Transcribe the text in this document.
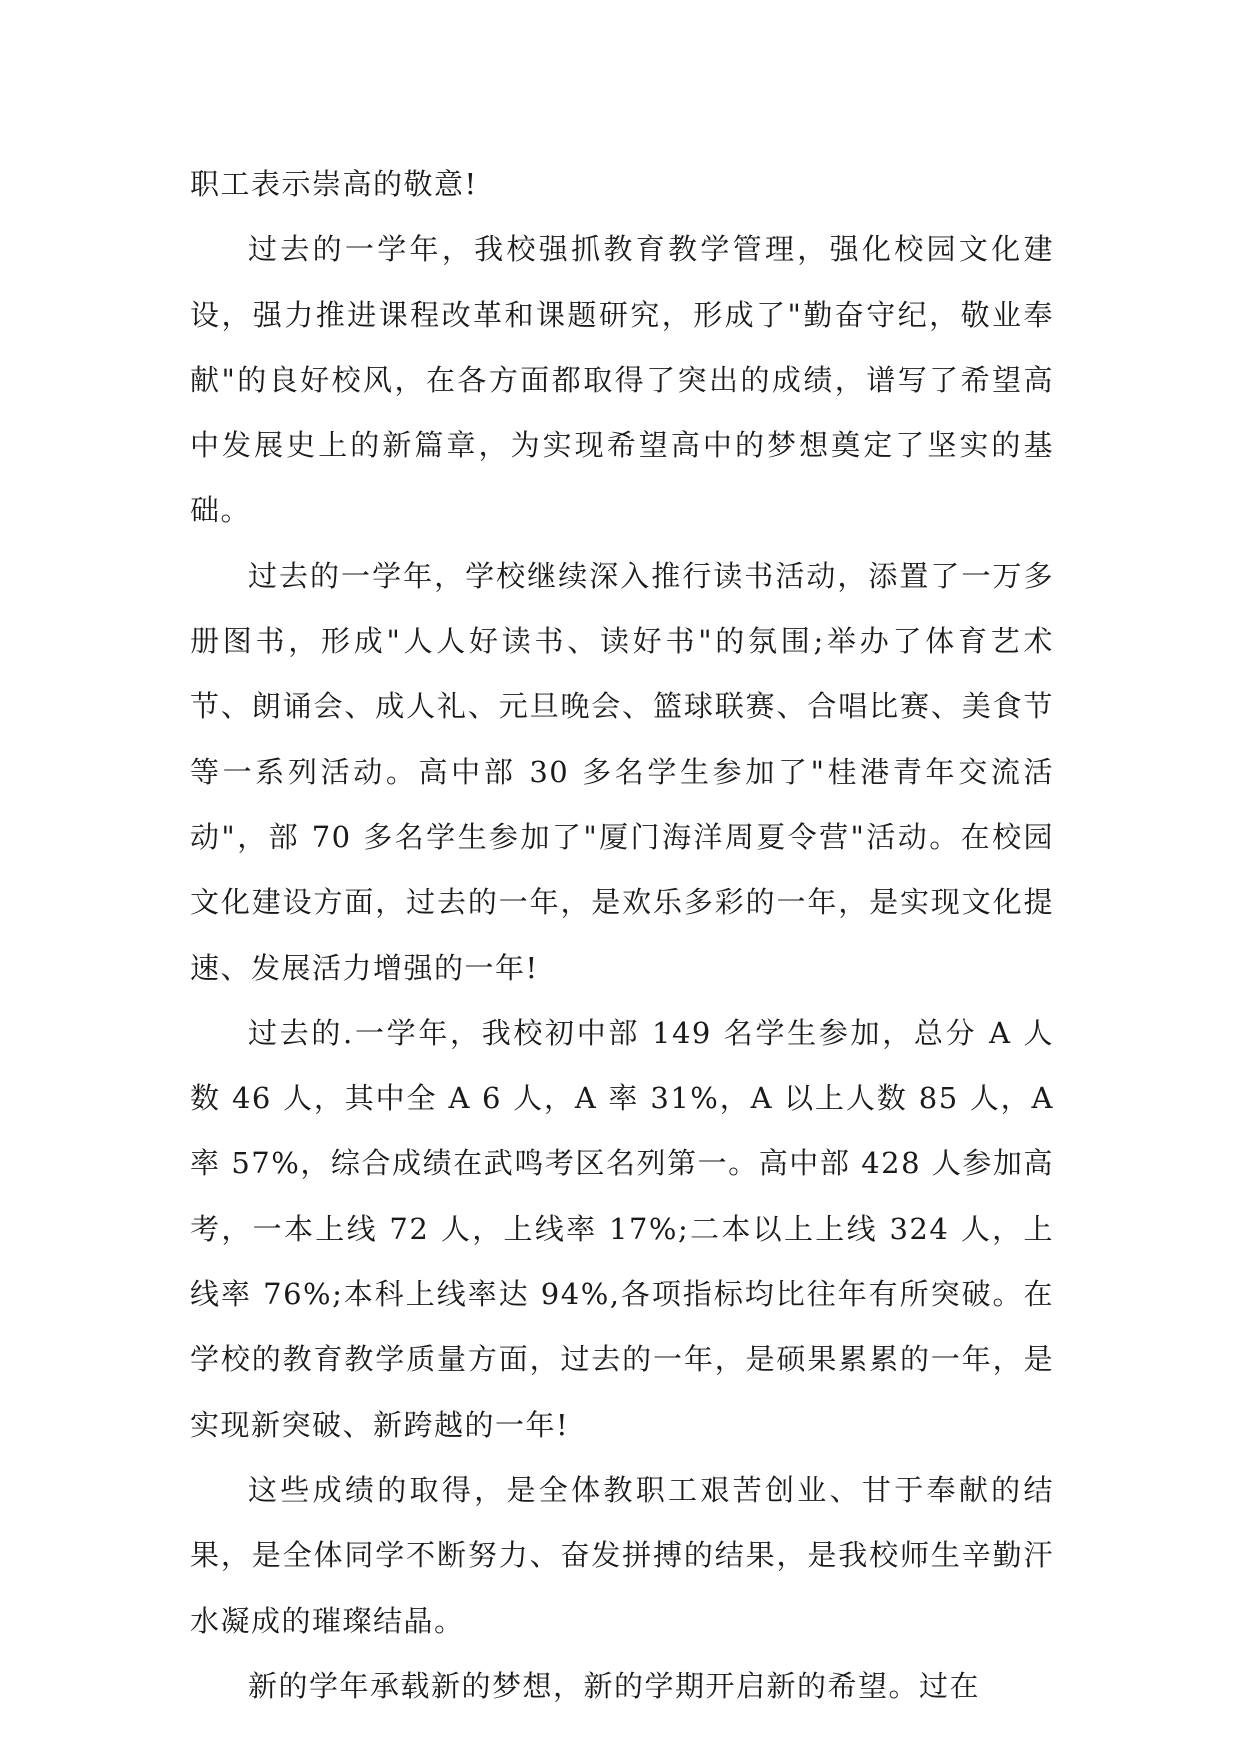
职工表示崇高的敬意!

过去的一学年，我校强抓教育教学管理，强化校园文化建设，强力推进课程改革和课题研究，形成了"勤奋守纪，敬业奉献"的良好校风，在各方面都取得了突出的成绩，谱写了希望高中发展史上的新篇章，为实现希望高中的梦想奠定了坚实的基础。

过去的一学年，学校继续深入推行读书活动，添置了一万多册图书，形成"人人好读书、读好书"的氛围;举办了体育艺术节、朗诵会、成人礼、元旦晚会、篮球联赛、合唱比赛、美食节等一系列活动。高中部 30 多名学生参加了"桂港青年交流活动"，部 70 多名学生参加了"厦门海洋周夏令营"活动。在校园文化建设方面，过去的一年，是欢乐多彩的一年，是实现文化提速、发展活力增强的一年!

过去的.一学年，我校初中部 149 名学生参加，总分 A 人数 46 人，其中全 A 6 人，A 率 31%，A 以上人数 85 人，A 率 57%，综合成绩在武鸣考区名列第一。高中部 428 人参加高考，一本上线 72 人，上线率 17%;二本以上上线 324 人，上线率 76%;本科上线率达 94%,各项指标均比往年有所突破。在学校的教育教学质量方面，过去的一年，是硕果累累的一年，是实现新突破、新跨越的一年!

这些成绩的取得，是全体教职工艰苦创业、甘于奉献的结果，是全体同学不断努力、奋发拼搏的结果，是我校师生辛勤汗水凝成的璀璨结晶。

新的学年承载新的梦想，新的学期开启新的希望。过在
